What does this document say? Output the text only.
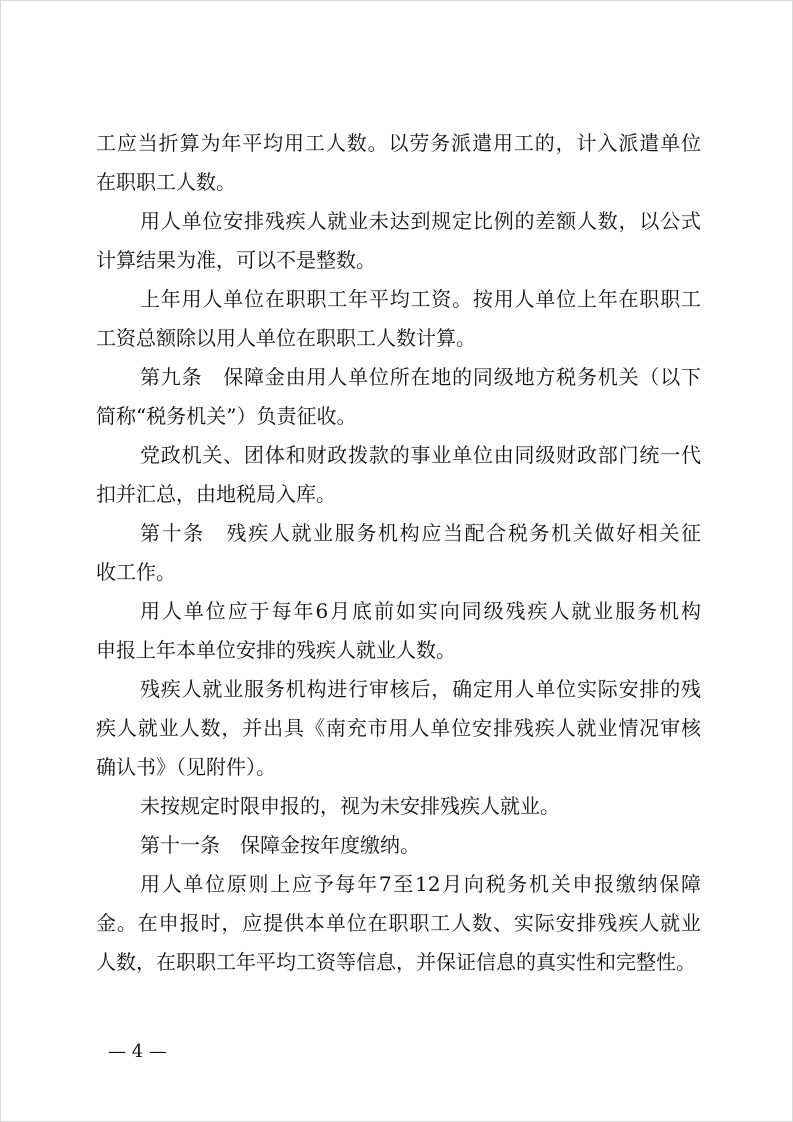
工应当折算为年平均用工人数。以劳务派遣用工的，计入派遣单位
在职职工人数。
用人单位安排残疾人就业未达到规定比例的差额人数，以公式
计算结果为准，可以不是整数。
上年用人单位在职职工年平均工资。按用人单位上年在职职工
工资总额除以用人单位在职职工人数计算。
第九条　保障金由用人单位所在地的同级地方税务机关（以下
简称“税务机关”）负责征收。
党政机关、团体和财政拨款的事业单位由同级财政部门统一代
扣并汇总，由地税局入库。
第十条　残疾人就业服务机构应当配合税务机关做好相关征
收工作。
用人单位应于每年6月底前如实向同级残疾人就业服务机构
申报上年本单位安排的残疾人就业人数。
残疾人就业服务机构进行审核后，确定用人单位实际安排的残
疾人就业人数，并出具《南充市用人单位安排残疾人就业情况审核
确认书》（见附件）。
未按规定时限申报的，视为未安排残疾人就业。
第十一条　保障金按年度缴纳。
用人单位原则上应予每年7至12月向税务机关申报缴纳保障
金。在申报时，应提供本单位在职职工人数、实际安排残疾人就业
人数，在职职工年平均工资等信息，并保证信息的真实性和完整性。
— 4 —
